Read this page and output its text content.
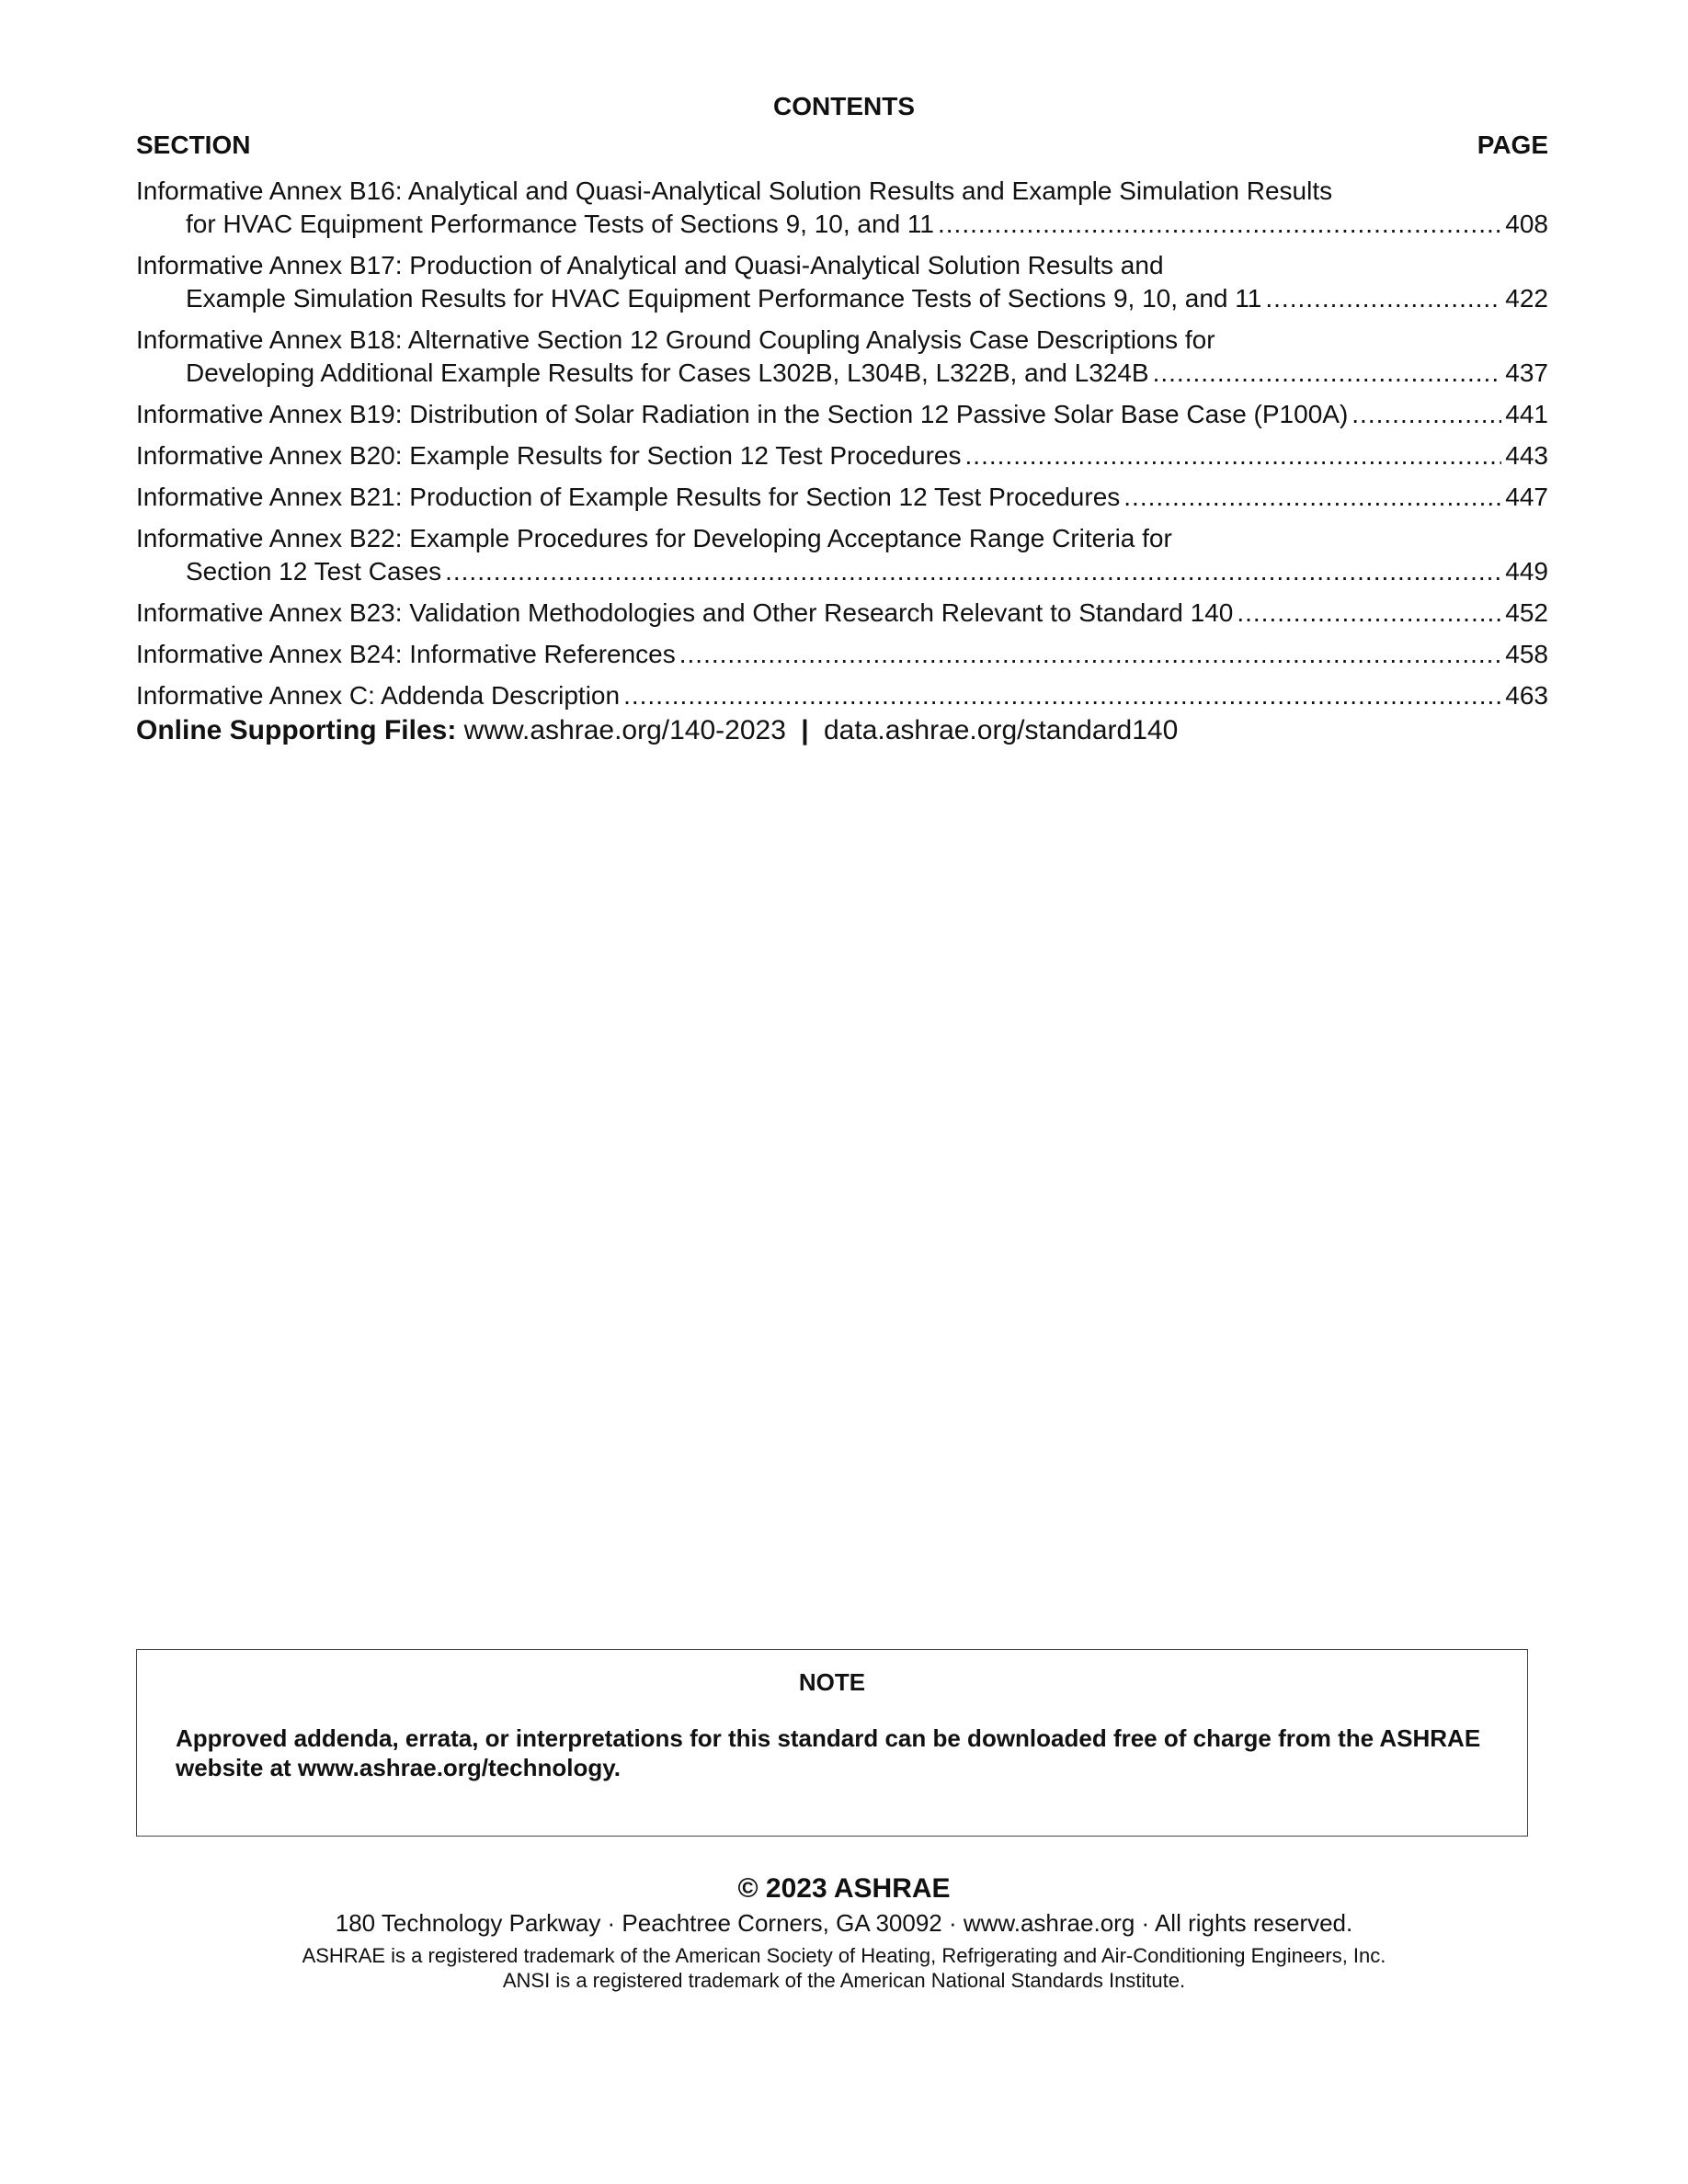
CONTENTS
SECTION	PAGE
Informative Annex B16: Analytical and Quasi-Analytical Solution Results and Example Simulation Results
for HVAC Equipment Performance Tests of Sections 9, 10, and 11 .....	408
Informative Annex B17: Production of Analytical and Quasi-Analytical Solution Results and
Example Simulation Results for HVAC Equipment Performance Tests of Sections 9, 10, and 11 .....	422
Informative Annex B18: Alternative Section 12 Ground Coupling Analysis Case Descriptions for
Developing Additional Example Results for Cases L302B, L304B, L322B, and L324B .....	437
Informative Annex B19: Distribution of Solar Radiation in the Section 12 Passive Solar Base Case (P100A) .....	441
Informative Annex B20: Example Results for Section 12 Test Procedures .....	443
Informative Annex B21: Production of Example Results for Section 12 Test Procedures .....	447
Informative Annex B22: Example Procedures for Developing Acceptance Range Criteria for
Section 12 Test Cases .....	449
Informative Annex B23: Validation Methodologies and Other Research Relevant to Standard 140 .....	452
Informative Annex B24: Informative References .....	458
Informative Annex C: Addenda Description .....	463
Online Supporting Files: www.ashrae.org/140-2023 | data.ashrae.org/standard140
NOTE
Approved addenda, errata, or interpretations for this standard can be downloaded free of charge from the ASHRAE website at www.ashrae.org/technology.
© 2023 ASHRAE
180 Technology Parkway · Peachtree Corners, GA 30092 · www.ashrae.org · All rights reserved.
ASHRAE is a registered trademark of the American Society of Heating, Refrigerating and Air-Conditioning Engineers, Inc.
ANSI is a registered trademark of the American National Standards Institute.
